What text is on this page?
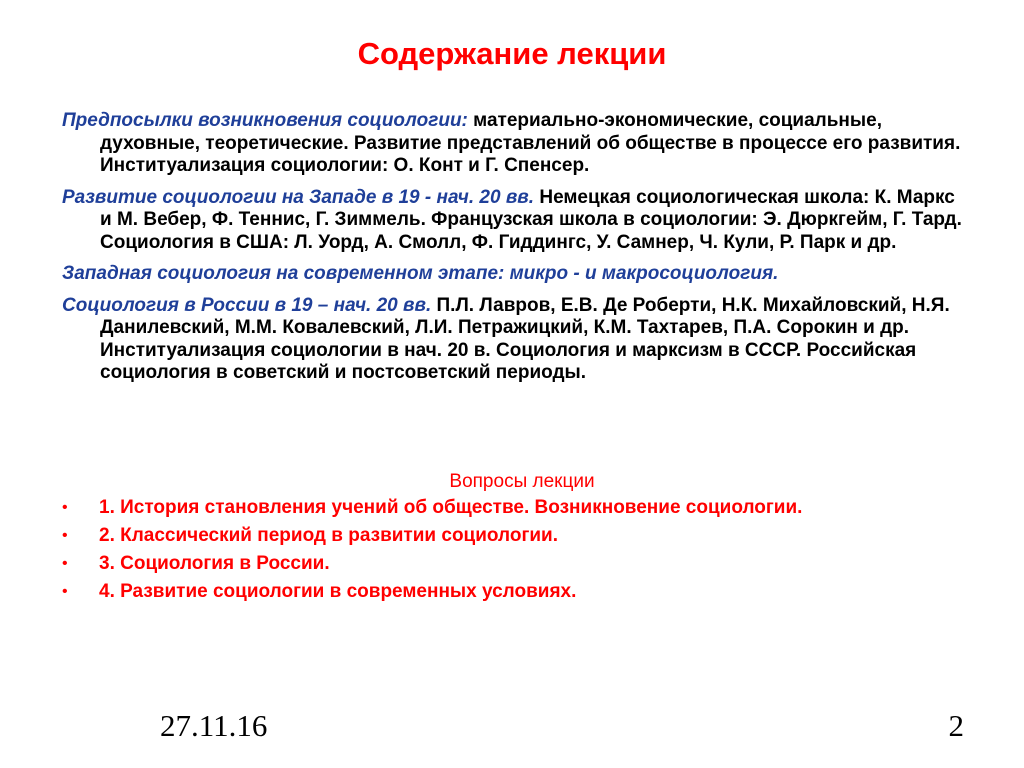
Содержание лекции

Предпосылки возникновения социологии: материально-экономические, социальные, духовные, теоретические. Развитие представлений об обществе в процессе его развития. Институализация социологии: О. Конт и Г. Спенсер.

Развитие социологии на Западе в 19 - нач. 20 вв. Немецкая социологическая школа: К. Маркс и М. Вебер, Ф. Теннис, Г. Зиммель. Французская школа в социологии: Э. Дюркгейм, Г. Тард. Социология в США: Л. Уорд, А. Смолл, Ф. Гиддингс, У. Самнер, Ч. Кули, Р. Парк и др.

Западная социология на современном этапе: микро - и макросоциология.

Социология в России в 19 – нач. 20 вв. П.Л. Лавров, Е.В. Де Роберти, Н.К. Михайловский, Н.Я. Данилевский, М.М. Ковалевский, Л.И. Петражицкий, К.М. Тахтарев, П.А. Сорокин и др. Институализация социологии в нач. 20 в. Социология и марксизм в СССР. Российская социология в советский и постсоветский периоды.

Вопросы лекции
• 1. История становления учений об обществе. Возникновение социологии.
• 2. Классический период в развитии социологии.
• 3. Социология в России.
• 4. Развитие социологии в современных условиях.
27.11.16	2
